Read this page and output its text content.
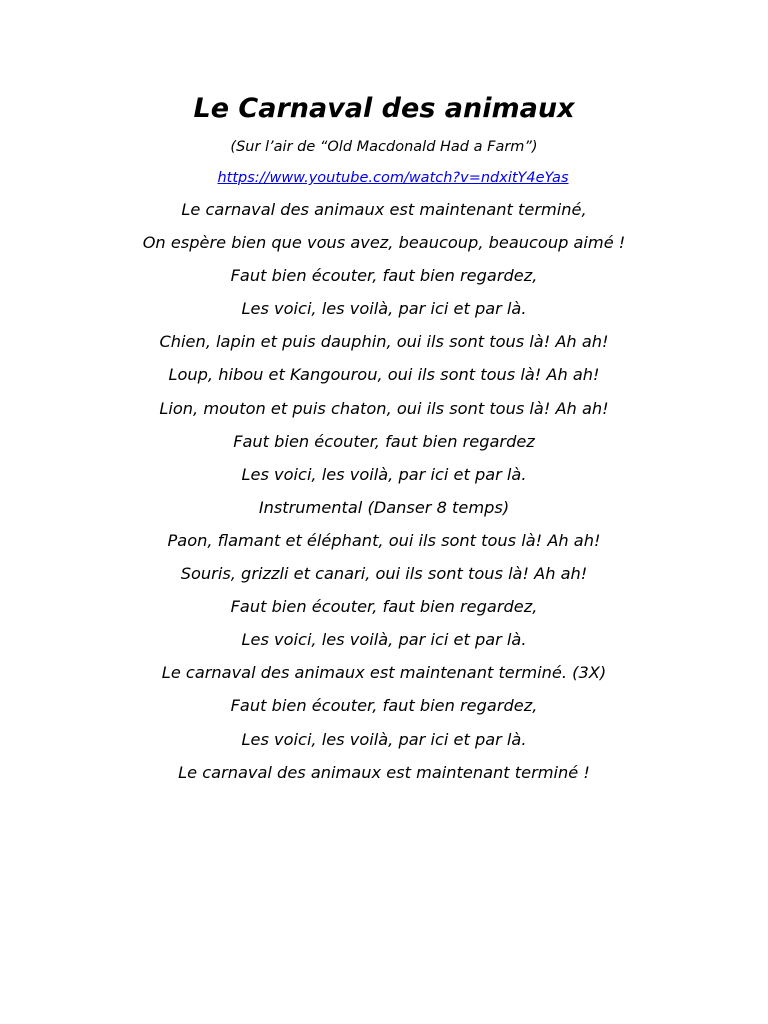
Le Carnaval des animaux

(Sur l’air de “Old Macdonald Had a Farm”)

https://www.youtube.com/watch?v=ndxitY4eYas

Le carnaval des animaux est maintenant terminé,
On espère bien que vous avez, beaucoup, beaucoup aimé !
Faut bien écouter, faut bien regardez,
Les voici, les voilà, par ici et par là.
Chien, lapin et puis dauphin, oui ils sont tous là! Ah ah!
Loup, hibou et Kangourou, oui ils sont tous là! Ah ah!
Lion, mouton et puis chaton, oui ils sont tous là! Ah ah!
Faut bien écouter, faut bien regardez
Les voici, les voilà, par ici et par là.
Instrumental (Danser 8 temps)
Paon, flamant et éléphant, oui ils sont tous là! Ah ah!
Souris, grizzli et canari, oui ils sont tous là! Ah ah!
Faut bien écouter, faut bien regardez,
Les voici, les voilà, par ici et par là.
Le carnaval des animaux est maintenant terminé. (3X)
Faut bien écouter, faut bien regardez,
Les voici, les voilà, par ici et par là.
Le carnaval des animaux est maintenant terminé !
